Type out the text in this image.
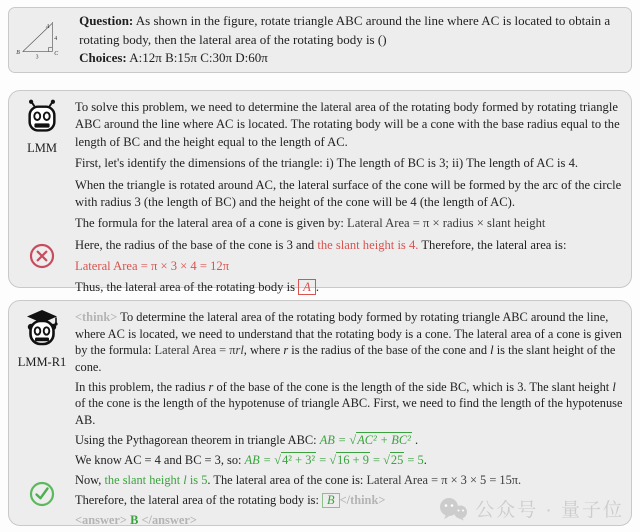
A
B	C
4
3

Question: As shown in the figure, rotate triangle ABC around the line where AC is located to obtain a rotating body, then the lateral area of the rotating body is ()

Choices: A:12π B:15π C:30π D:60π

LMM

To solve this problem, we need to determine the lateral area of the rotating body formed by rotating triangle ABC around the line where AC is located. The rotating body will be a cone with the base radius equal to the length of BC and the height equal to the length of AC.

First, let's identify the dimensions of the triangle: i) The length of BC is 3; ii) The length of AC is 4.

When the triangle is rotated around AC, the lateral surface of the cone will be formed by the arc of the circle with radius 3 (the length of BC) and the height of the cone will be 4 (the length of AC).

The formula for the lateral area of a cone is given by: Lateral Area = π × radius × slant height

Here, the radius of the base of the cone is 3 and the slant height is 4. Therefore, the lateral area is:

Lateral Area = π × 3 × 4 = 12π

Thus, the lateral area of the rotating body is A .

LMM-R1

<think> To determine the lateral area of the rotating body formed by rotating triangle ABC around the line, where AC is located, we need to understand that the rotating body is a cone. The lateral area of a cone is given by the formula: Lateral Area = πrl, where r is the radius of the base of the cone and l is the slant height of the cone.

In this problem, the radius r of the base of the cone is the length of the side BC, which is 3. The slant height l of the cone is the length of the hypotenuse of triangle ABC. First, we need to find the length of the hypotenuse AB.

Using the Pythagorean theorem in triangle ABC: AB = √AC² + BC² .

We know AC = 4 and BC = 3, so: AB = √4² + 3² = √16 + 9 = √25 = 5.

Now, the slant height l is 5. The lateral area of the cone is: Lateral Area = π × 3 × 5 = 15π.

Therefore, the lateral area of the rotating body is: B </think>

<answer> B </answer>	公众号 · 量子位
